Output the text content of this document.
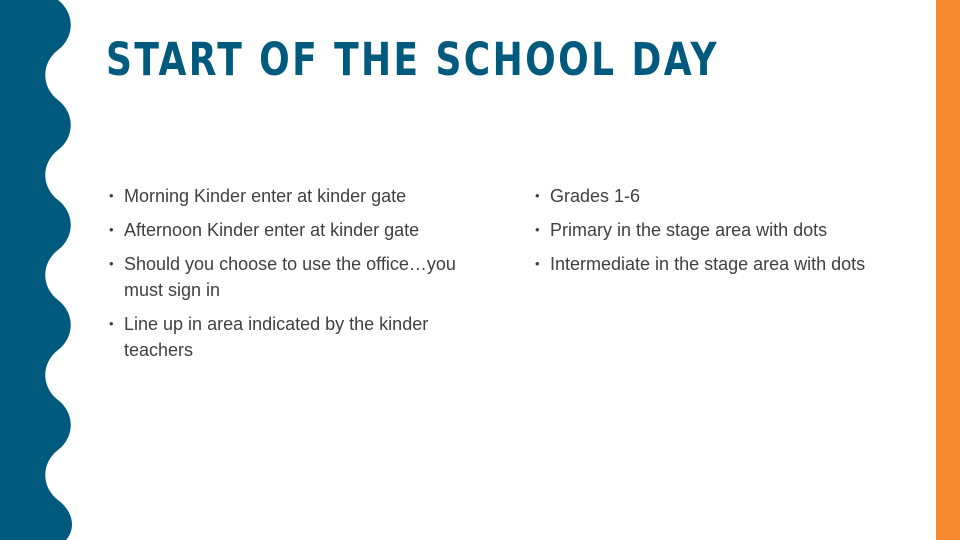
START OF THE SCHOOL DAY
• Morning Kinder enter at kinder gate
• Afternoon Kinder enter at kinder gate
• Should you choose to use the office…you must sign in
• Line up in area indicated by the kinder teachers
• Grades 1-6
• Primary in the stage area with dots
• Intermediate in the stage area with dots
